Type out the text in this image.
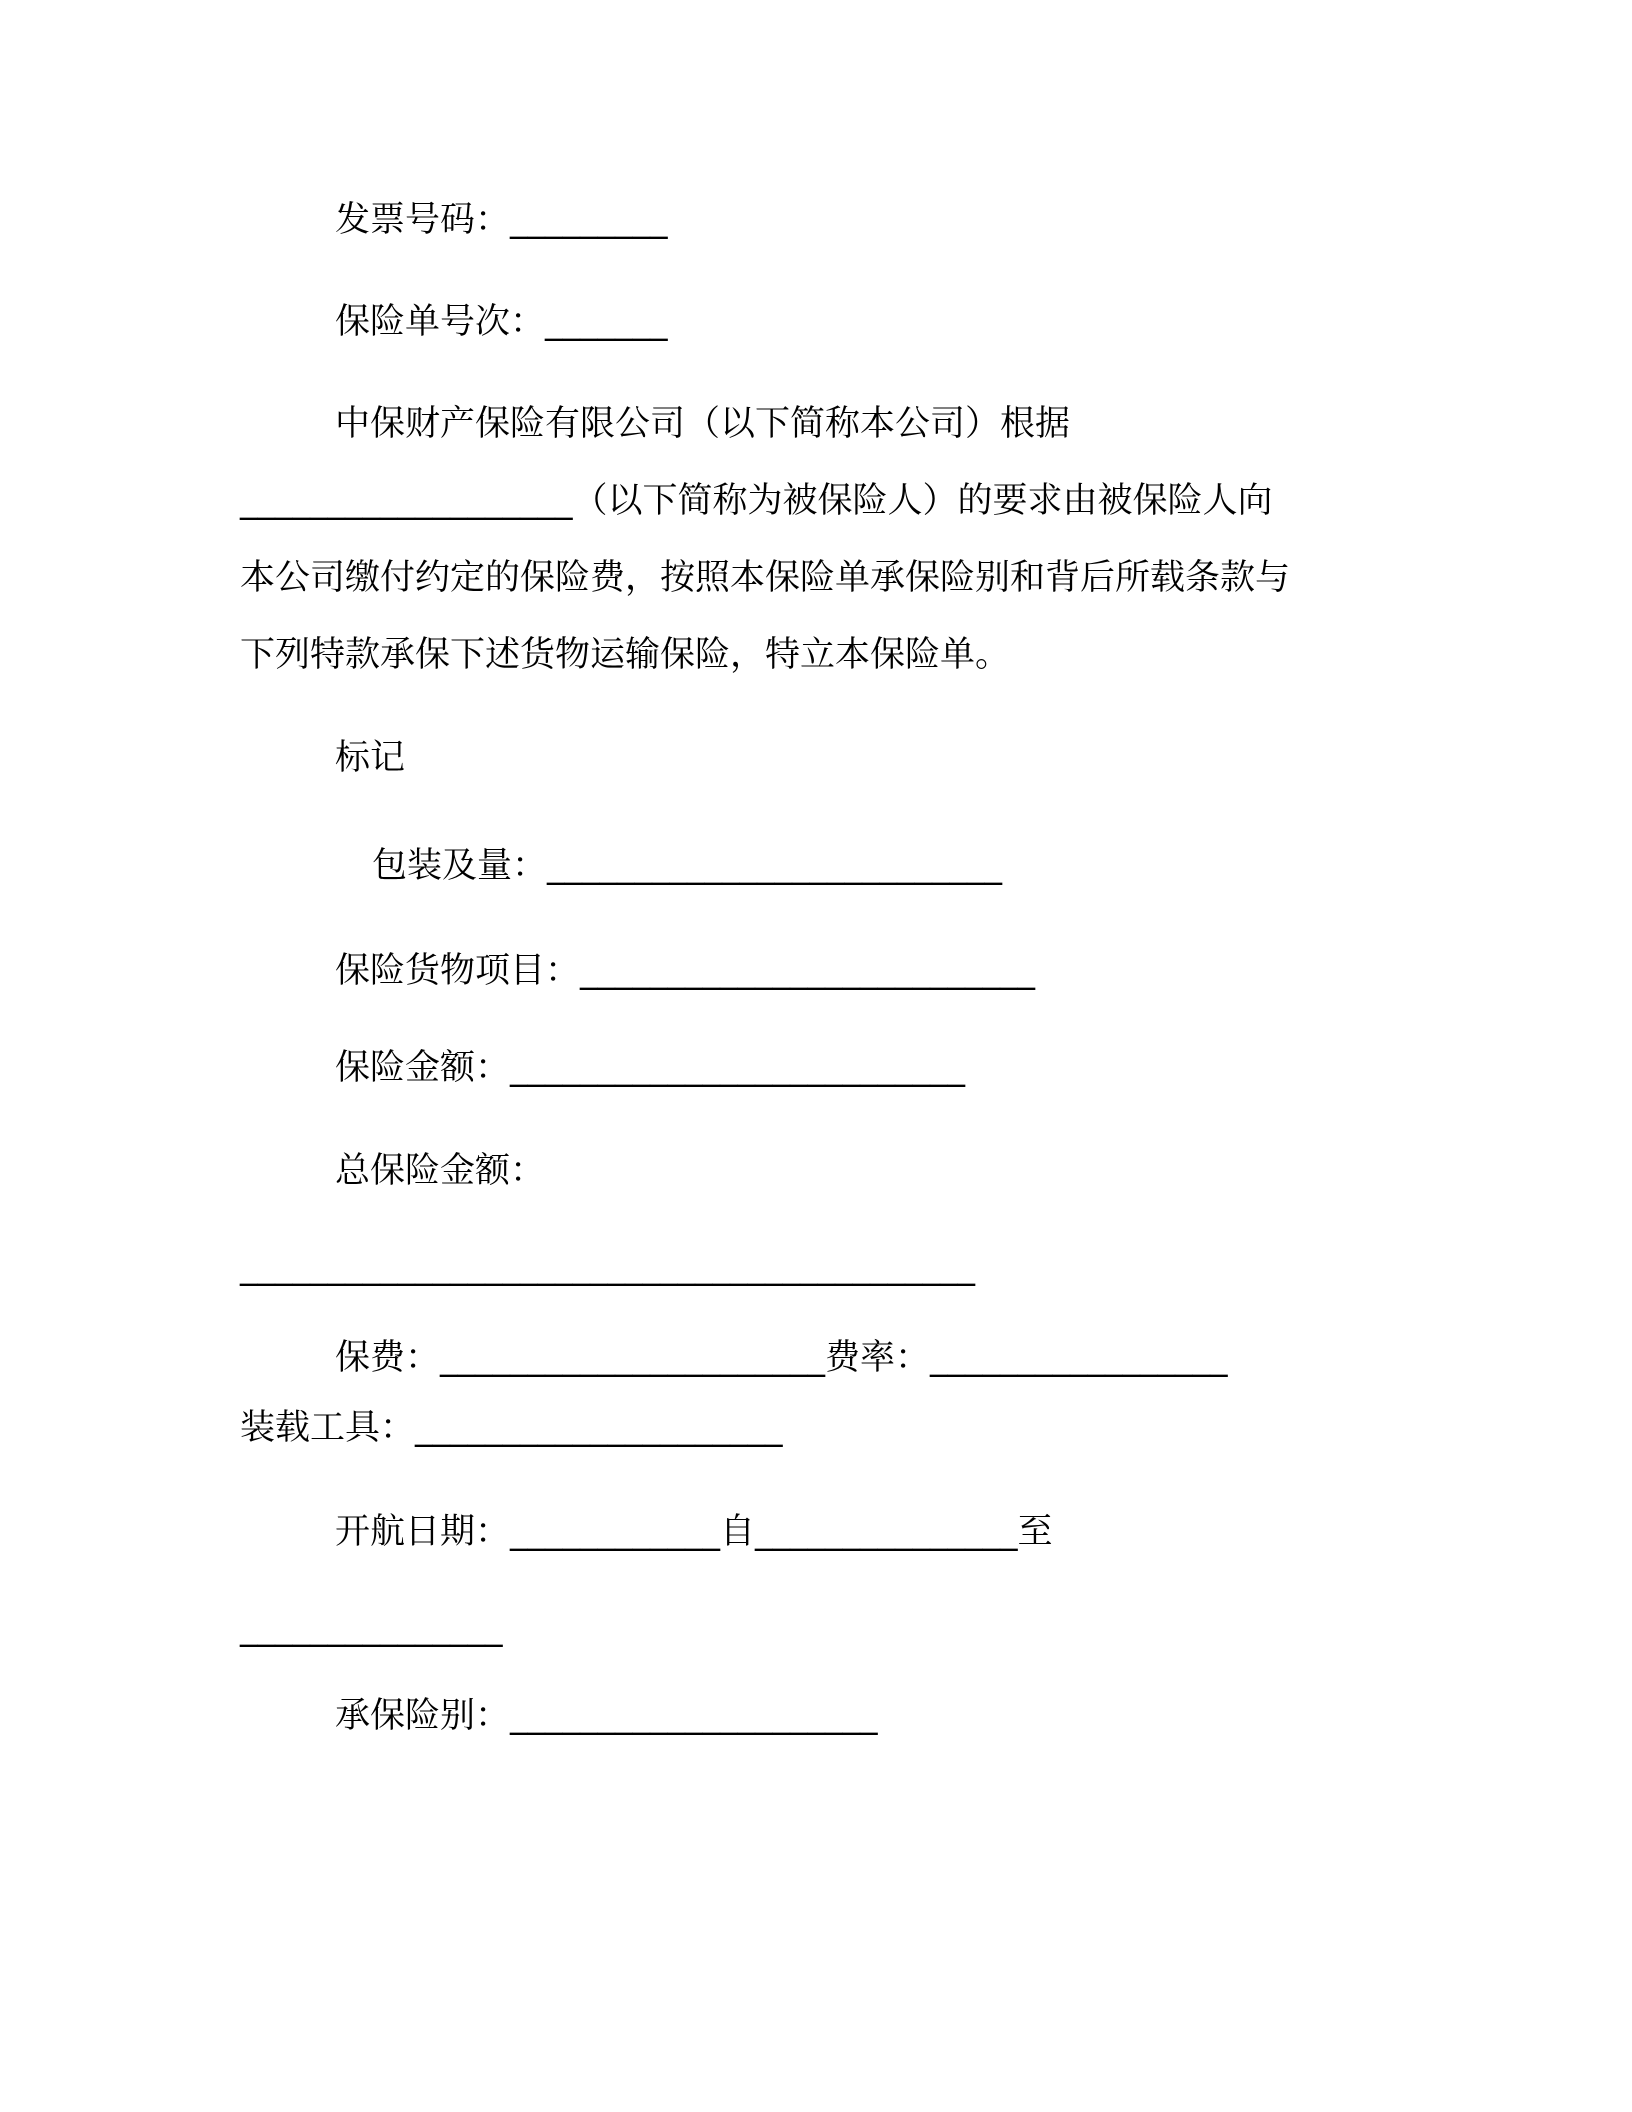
发票号码：_________
保险单号次：_______
中保财产保险有限公司（以下简称本公司）根据
___________________（以下简称为被保险人）的要求由被保险人向
本公司缴付约定的保险费，按照本保险单承保险别和背后所载条款与
下列特款承保下述货物运输保险，特立本保险单。
标记
包装及量：__________________________
保险货物项目：__________________________
保险金额：__________________________
总保险金额：
__________________________________________
保费：______________________费率：_________________
装载工具：_____________________
开航日期：____________自_______________至
_______________
承保险别：_____________________
